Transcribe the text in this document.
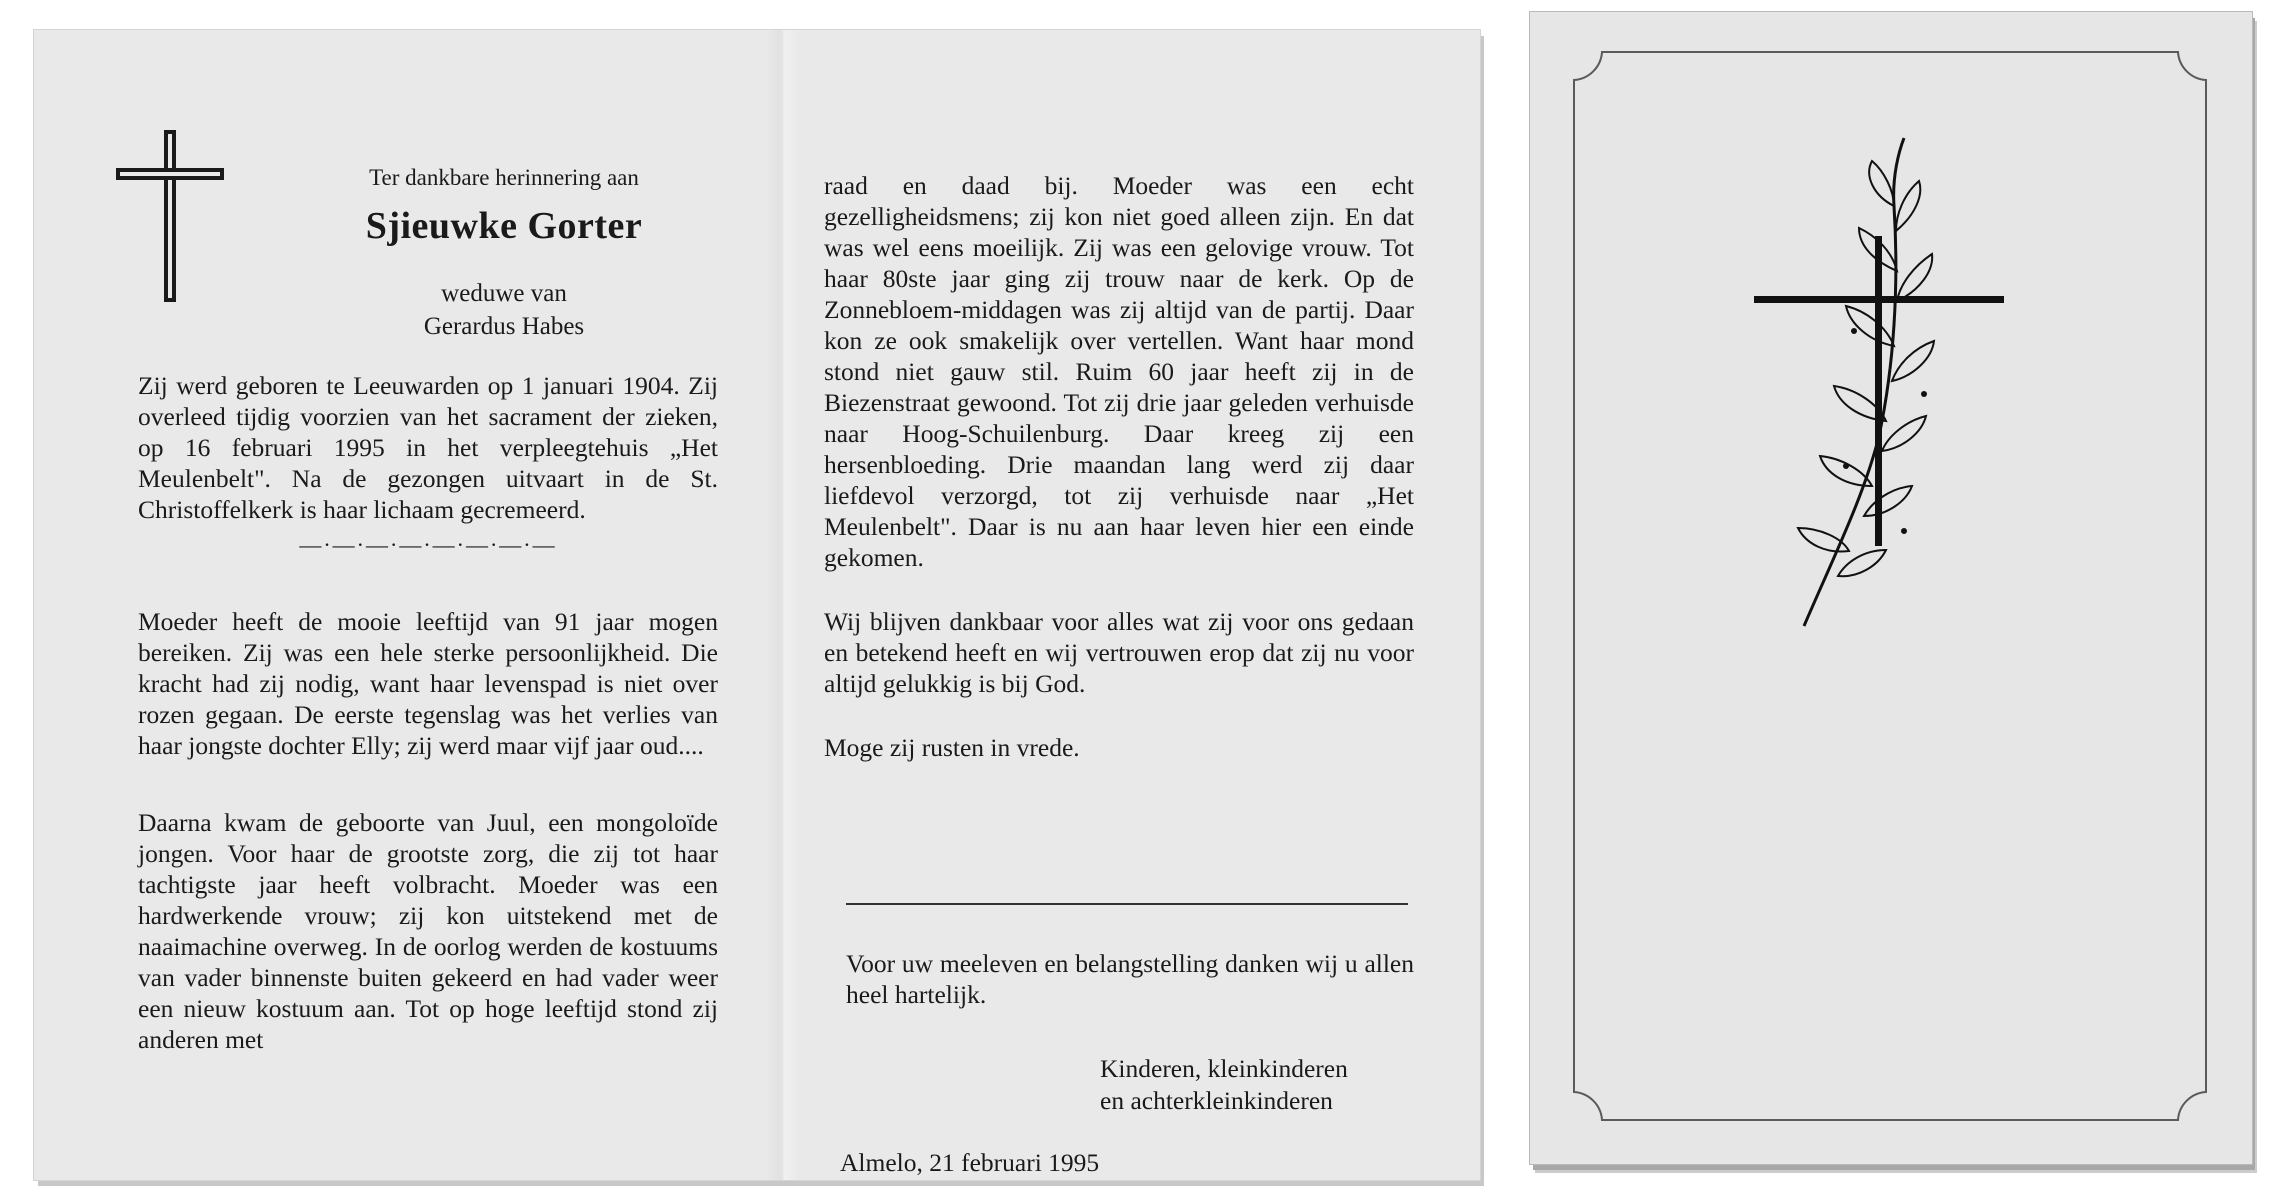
Ter dankbare herinnering aan
Sjieuwke Gorter
weduwe van
Gerardus Habes

Zij werd geboren te Leeuwarden op 1 januari 1904. Zij overleed tijdig voorzien van het sacrament der zieken, op 16 februari 1995 in het verpleegtehuis „Het Meulenbelt". Na de gezongen uitvaart in de St. Christoffelkerk is haar lichaam gecremeerd.

—·—·—·—·—·—·—·—

Moeder heeft de mooie leeftijd van 91 jaar mogen bereiken. Zij was een hele sterke persoonlijkheid. Die kracht had zij nodig, want haar levenspad is niet over rozen gegaan. De eerste tegenslag was het verlies van haar jongste dochter Elly; zij werd maar vijf jaar oud....

Daarna kwam de geboorte van Juul, een mongoloïde jongen. Voor haar de grootste zorg, die zij tot haar tachtigste jaar heeft volbracht. Moeder was een hardwerkende vrouw; zij kon uitstekend met de naaimachine overweg. In de oorlog werden de kostuums van vader binnenste buiten gekeerd en had vader weer een nieuw kostuum aan. Tot op hoge leeftijd stond zij anderen met

raad en daad bij. Moeder was een echt gezelligheidsmens; zij kon niet goed alleen zijn. En dat was wel eens moeilijk. Zij was een gelovige vrouw. Tot haar 80ste jaar ging zij trouw naar de kerk. Op de Zonnebloem-middagen was zij altijd van de partij. Daar kon ze ook smakelijk over vertellen. Want haar mond stond niet gauw stil. Ruim 60 jaar heeft zij in de Biezenstraat gewoond. Tot zij drie jaar geleden verhuisde naar Hoog-Schuilenburg. Daar kreeg zij een hersenbloeding. Drie maandan lang werd zij daar liefdevol verzorgd, tot zij verhuisde naar „Het Meulenbelt". Daar is nu aan haar leven hier een einde gekomen.

Wij blijven dankbaar voor alles wat zij voor ons gedaan en betekend heeft en wij vertrouwen erop dat zij nu voor altijd gelukkig is bij God.

Moge zij rusten in vrede.

Voor uw meeleven en belangstelling danken wij u allen heel hartelijk.
Kinderen, kleinkinderen
en achterkleinkinderen
Almelo, 21 februari 1995
